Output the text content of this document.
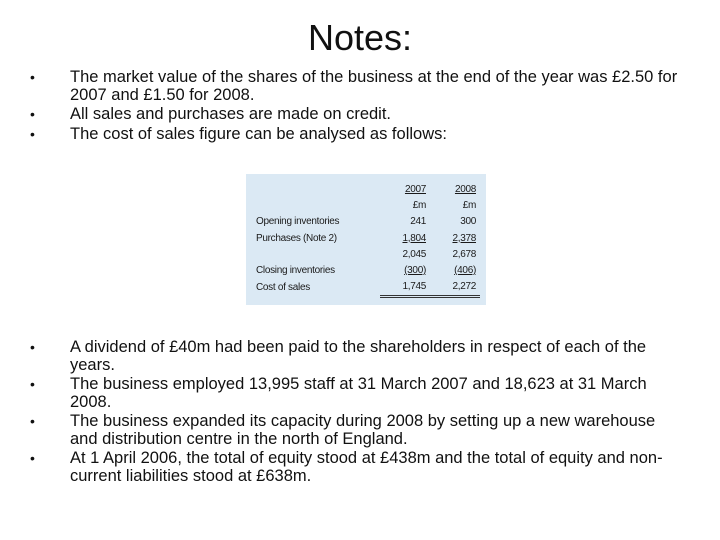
Notes:
• The market value of the shares of the business at the end of the year was £2.50 for 2007 and £1.50 for 2008.
• All sales and purchases are made on credit.
• The cost of sales figure can be analysed as follows:
	2007	2008
	£m	£m
Opening inventories	241	300
Purchases (Note 2)	1,804	2,378
	2,045	2,678
Closing inventories	(300)	(406)
Cost of sales	1,745	2,272
• A dividend of £40m had been paid to the shareholders in respect of each of the years.
• The business employed 13,995 staff at 31 March 2007 and 18,623 at 31 March 2008.
• The business expanded its capacity during 2008 by setting up a new warehouse and distribution centre in the north of England.
• At 1 April 2006, the total of equity stood at £438m and the total of equity and non-current liabilities stood at £638m.
